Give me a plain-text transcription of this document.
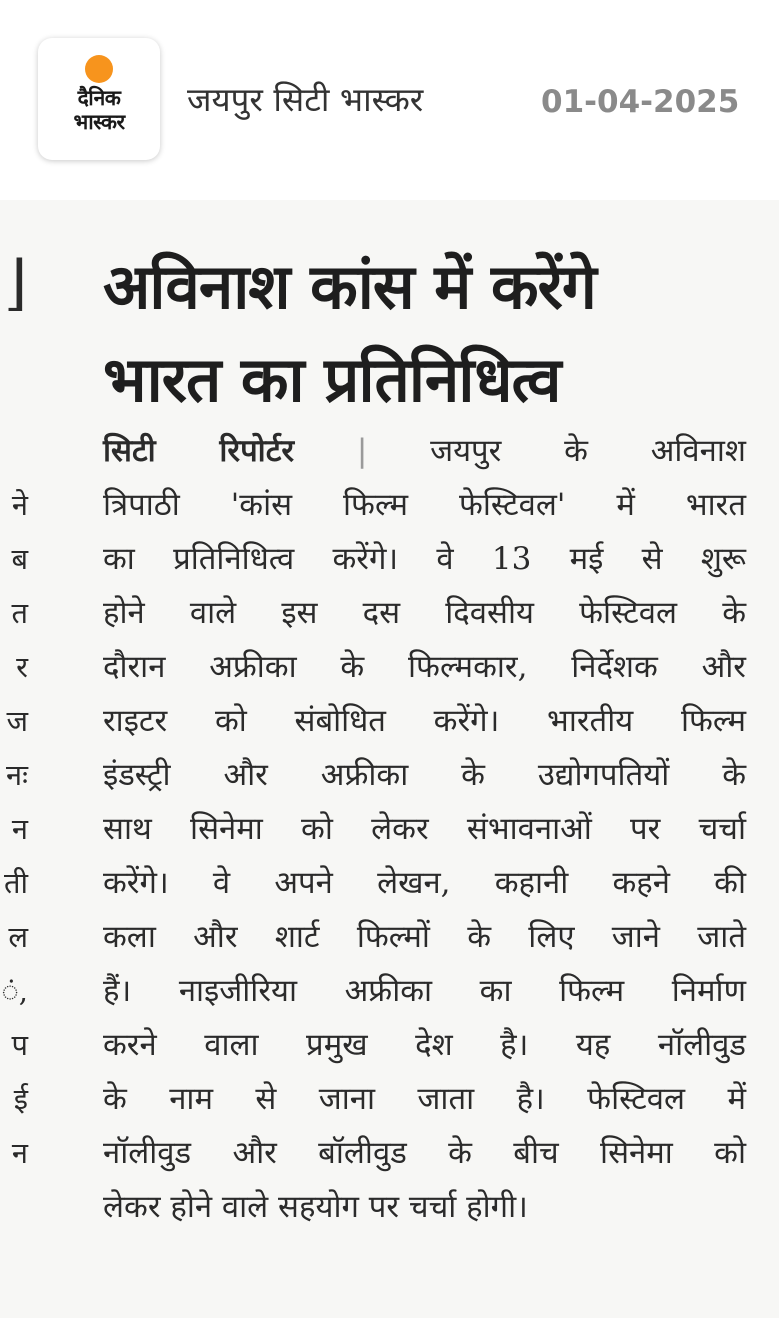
दैनिक
भास्कर
जयपुर सिटी भास्कर	01-04-2025
⌋
ने
ब
त
र
ज
नः
न
ती
ल
ं,
प
ई
न
अविनाश कांस में करेंगे
भारत का प्रतिनिधित्व
सिटी रिपोर्टर | जयपुर के अविनाश
त्रिपाठी 'कांस फिल्म फेस्टिवल' में भारत
का प्रतिनिधित्व करेंगे। वे 13 मई से शुरू
होने वाले इस दस दिवसीय फेस्टिवल के
दौरान अफ्रीका के फिल्मकार, निर्देशक और
राइटर को संबोधित करेंगे। भारतीय फिल्म
इंडस्ट्री और अफ्रीका के उद्योगपतियों के
साथ सिनेमा को लेकर संभावनाओं पर चर्चा
करेंगे। वे अपने लेखन, कहानी कहने की
कला और शार्ट फिल्मों के लिए जाने जाते
हैं। नाइजीरिया अफ्रीका का फिल्म निर्माण
करने वाला प्रमुख देश है। यह नॉलीवुड
के नाम से जाना जाता है। फेस्टिवल में
नॉलीवुड और बॉलीवुड के बीच सिनेमा को
लेकर होने वाले सहयोग पर चर्चा होगी।
